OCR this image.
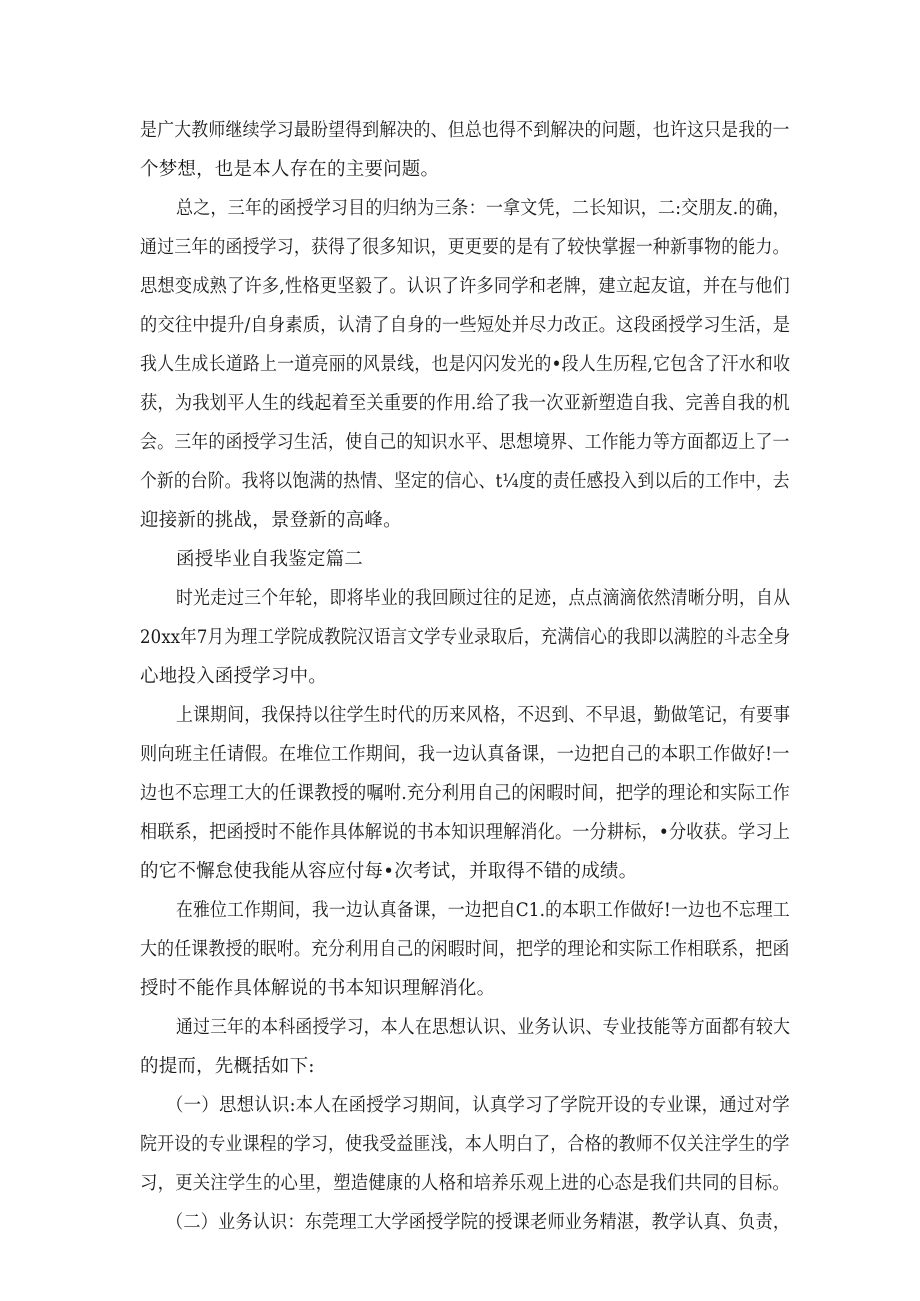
是广大教师继续学习最盼望得到解决的、但总也得不到解决的问题，也许这只是我的一
个梦想，也是本人存在的主要问题。
总之，三年的函授学习目的归纳为三条：一拿文凭，二长知识，二:交朋友.的确，
通过三年的函授学习，获得了很多知识，更更要的是有了较快掌握一种新事物的能力。
思想变成熟了许多,性格更坚毅了。认识了许多同学和老牌，建立起友谊，并在与他们
的交往中提升/自身素质，认清了自身的一些短处并尽力改正。这段函授学习生活，是
我人生成长道路上一道亮丽的风景线，也是闪闪发光的•段人生历程,它包含了汗水和收
获，为我划平人生的线起着至关重要的作用.给了我一次亚新塑造自我、完善自我的机
会。三年的函授学习生活，使自己的知识水平、思想境界、工作能力等方面都迈上了一
个新的台阶。我将以饱满的热情、坚定的信心、t¼度的责任感投入到以后的工作中，去
迎接新的挑战，景登新的高峰。
函授毕业自我鉴定篇二
时光走过三个年轮，即将毕业的我回顾过往的足迹，点点滴滴依然清晰分明，自从
20xx年7月为理工学院成教院汉语言文学专业录取后，充满信心的我即以满腔的斗志全身
心地投入函授学习中。
上课期间，我保持以往学生时代的历来风格，不迟到、不早退，勤做笔记，有要事
则向班主任请假。在堆位工作期间，我一边认真备课，一边把自己的本职工作做好!一
边也不忘理工大的任课教授的嘱咐.充分利用自己的闲暇时间，把学的理论和实际工作
相联系，把函授时不能作具体解说的书本知识理解消化。一分耕标，•分收获。学习上
的它不懈怠使我能从容应付每•次考试，并取得不错的成绩。
在雅位工作期间，我一边认真备课，一边把自C1.的本职工作做好!一边也不忘理工
大的任课教授的眠咐。充分利用自己的闲暇时间，把学的理论和实际工作相联系，把函
授时不能作具体解说的书本知识理解消化。
通过三年的本科函授学习，本人在思想认识、业务认识、专业技能等方面都有较大
的提而，先概括如下:
（一）思想认识:本人在函授学习期间，认真学习了学院开设的专业课，通过对学
院开设的专业课程的学习，使我受益匪浅，本人明白了，合格的教师不仅关注学生的学
习，更关注学生的心里，塑造健康的人格和培养乐观上进的心态是我们共同的目标。
（二）业务认识：东莞理工大学函授学院的授课老师业务精湛，教学认真、负责，
